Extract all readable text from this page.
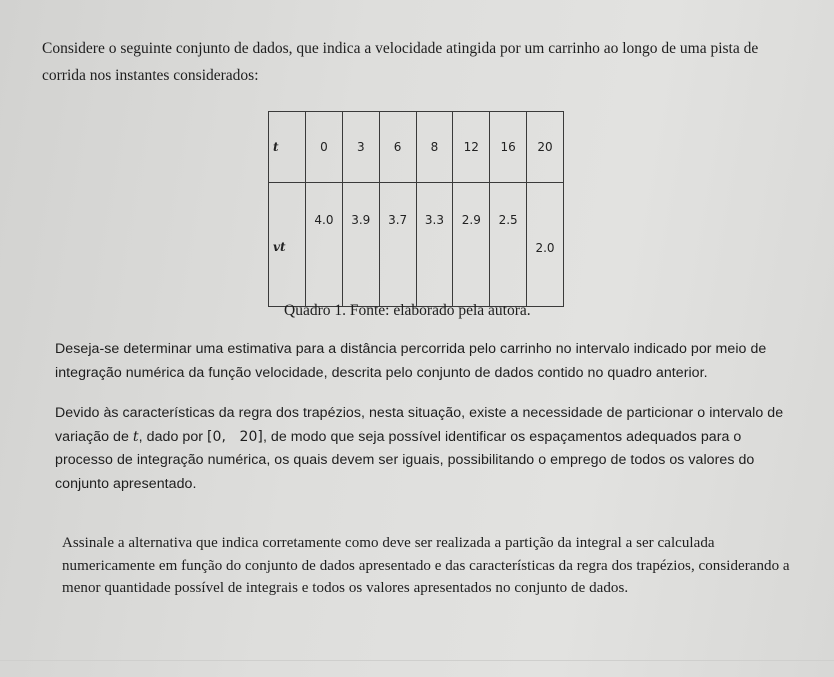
Considere o seguinte conjunto de dados, que indica a velocidade atingida por um carrinho ao longo de uma pista de corrida nos instantes considerados:

t	0	3	6	8	12	16	20
vt	4.0	3.9	3.7	3.3	2.9	2.5	2.0

Quadro 1. Fonte: elaborado pela autora.

Deseja-se determinar uma estimativa para a distância percorrida pelo carrinho no intervalo indicado por meio de integração numérica da função velocidade, descrita pelo conjunto de dados contido no quadro anterior.

Devido às características da regra dos trapézios, nesta situação, existe a necessidade de particionar o intervalo de variação de t, dado por [0,   20], de modo que seja possível identificar os espaçamentos adequados para o processo de integração numérica, os quais devem ser iguais, possibilitando o emprego de todos os valores do conjunto apresentado.

Assinale a alternativa que indica corretamente como deve ser realizada a partição da integral a ser calculada numericamente em função do conjunto de dados apresentado e das características da regra dos trapézios, considerando a menor quantidade possível de integrais e todos os valores apresentados no conjunto de dados.
